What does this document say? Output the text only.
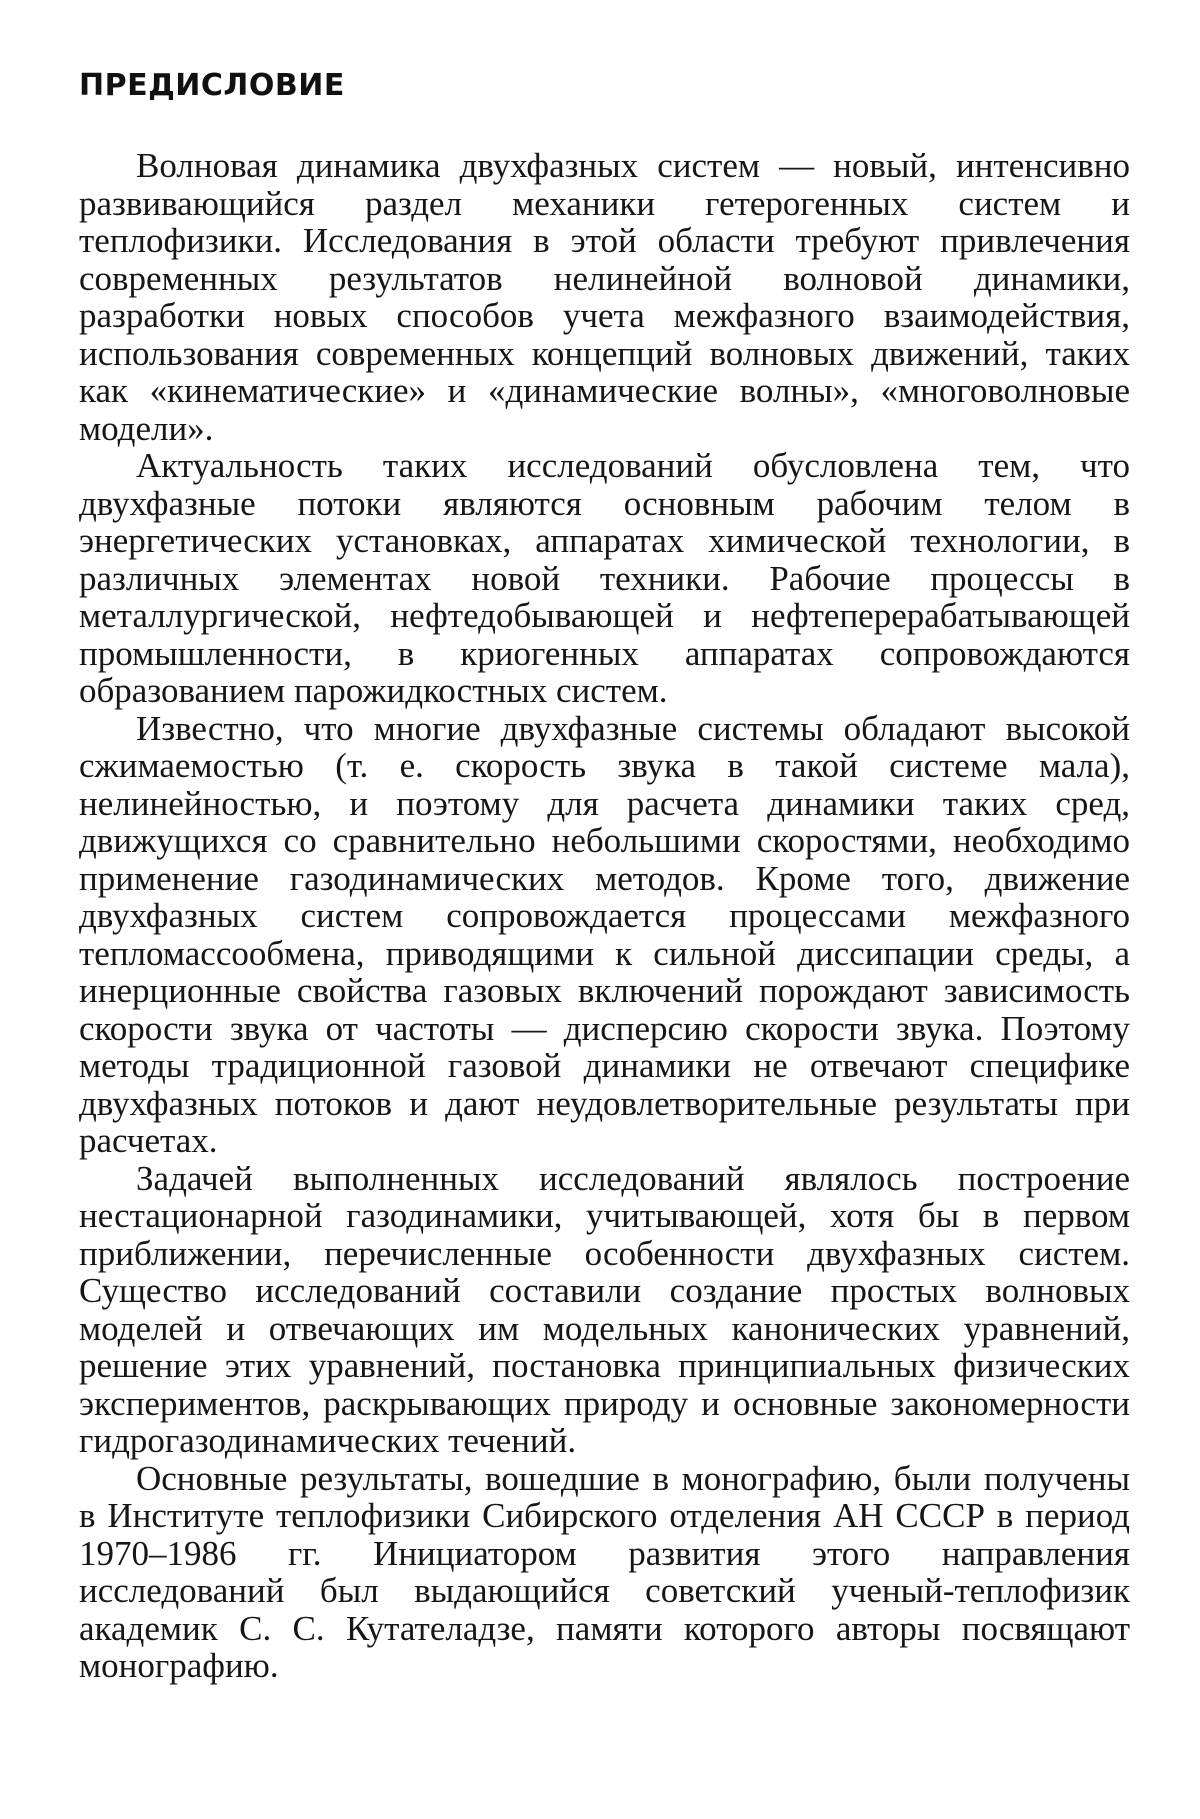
ПРЕДИСЛОВИЕ

Волновая динамика двухфазных систем — новый, интенсивно развивающийся раздел механики гетерогенных систем и теплофизики. Исследования в этой области требуют привлечения современных результатов нелинейной волновой динамики, разработки новых способов учета межфазного взаимодействия, использования современных концепций волновых движений, таких как «кинематические» и «динамические волны», «многоволновые модели».

Актуальность таких исследований обусловлена тем, что двухфазные потоки являются основным рабочим телом в энергетических установках, аппаратах химической технологии, в различных элементах новой техники. Рабочие процессы в металлургической, нефтедобывающей и нефтеперерабатывающей промышленности, в криогенных аппаратах сопровождаются образованием парожидкостных систем.

Известно, что многие двухфазные системы обладают высокой сжимаемостью (т. е. скорость звука в такой системе мала), нелинейностью, и поэтому для расчета динамики таких сред, движущихся со сравнительно небольшими скоростями, необходимо применение газодинамических методов. Кроме того, движение двухфазных систем сопровождается процессами межфазного тепломассообмена, приводящими к сильной диссипации среды, а инерционные свойства газовых включений порождают зависимость скорости звука от частоты — дисперсию скорости звука. Поэтому методы традиционной газовой динамики не отвечают специфике двухфазных потоков и дают неудовлетворительные результаты при расчетах.

Задачей выполненных исследований являлось построение нестационарной газодинамики, учитывающей, хотя бы в первом приближении, перечисленные особенности двухфазных систем. Существо исследований составили создание простых волновых моделей и отвечающих им модельных канонических уравнений, решение этих уравнений, постановка принципиальных физических экспериментов, раскрывающих природу и основные закономерности гидрогазодинамических течений.

Основные результаты, вошедшие в монографию, были получены в Институте теплофизики Сибирского отделения АН СССР в период 1970–1986 гг. Инициатором развития этого направления исследований был выдающийся советский ученый-теплофизик академик С. С. Кутателадзе, памяти которого авторы посвящают монографию.
